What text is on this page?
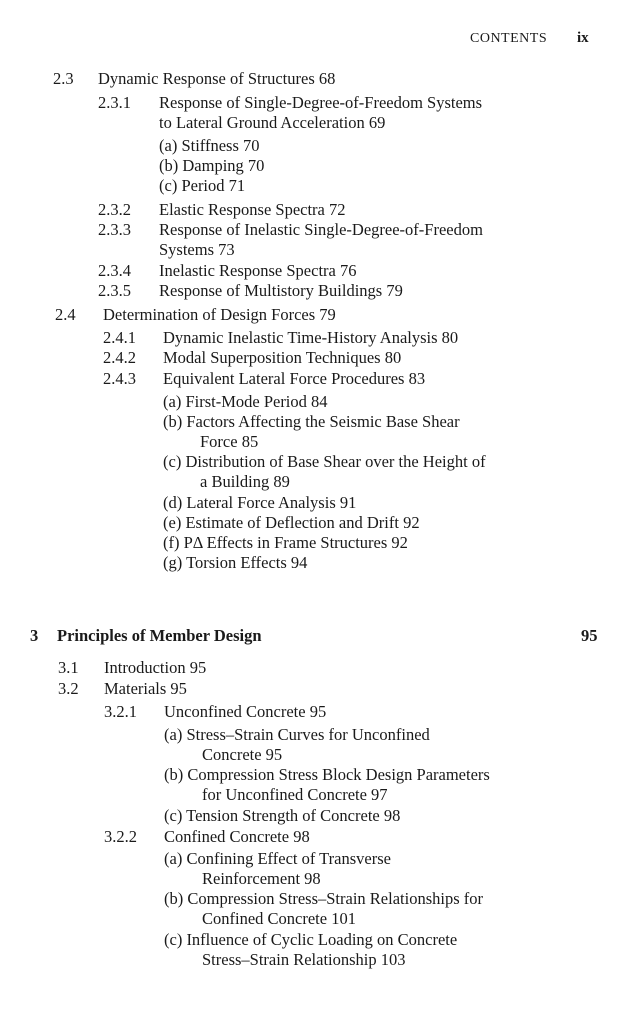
CONTENTS ix
2.3 Dynamic Response of Structures 68
2.3.1 Response of Single-Degree-of-Freedom Systems
to Lateral Ground Acceleration 69
(a) Stiffness 70
(b) Damping 70
(c) Period 71
2.3.2 Elastic Response Spectra 72
2.3.3 Response of Inelastic Single-Degree-of-Freedom
Systems 73
2.3.4 Inelastic Response Spectra 76
2.3.5 Response of Multistory Buildings 79
2.4 Determination of Design Forces 79
2.4.1 Dynamic Inelastic Time-History Analysis 80
2.4.2 Modal Superposition Techniques 80
2.4.3 Equivalent Lateral Force Procedures 83
(a) First-Mode Period 84
(b) Factors Affecting the Seismic Base Shear
Force 85
(c) Distribution of Base Shear over the Height of
a Building 89
(d) Lateral Force Analysis 91
(e) Estimate of Deflection and Drift 92
(f) PΔ Effects in Frame Structures 92
(g) Torsion Effects 94
3 Principles of Member Design	95
3.1 Introduction 95
3.2 Materials 95
3.2.1 Unconfined Concrete 95
(a) Stress–Strain Curves for Unconfined
Concrete 95
(b) Compression Stress Block Design Parameters
for Unconfined Concrete 97
(c) Tension Strength of Concrete 98
3.2.2 Confined Concrete 98
(a) Confining Effect of Transverse
Reinforcement 98
(b) Compression Stress–Strain Relationships for
Confined Concrete 101
(c) Influence of Cyclic Loading on Concrete
Stress–Strain Relationship 103
